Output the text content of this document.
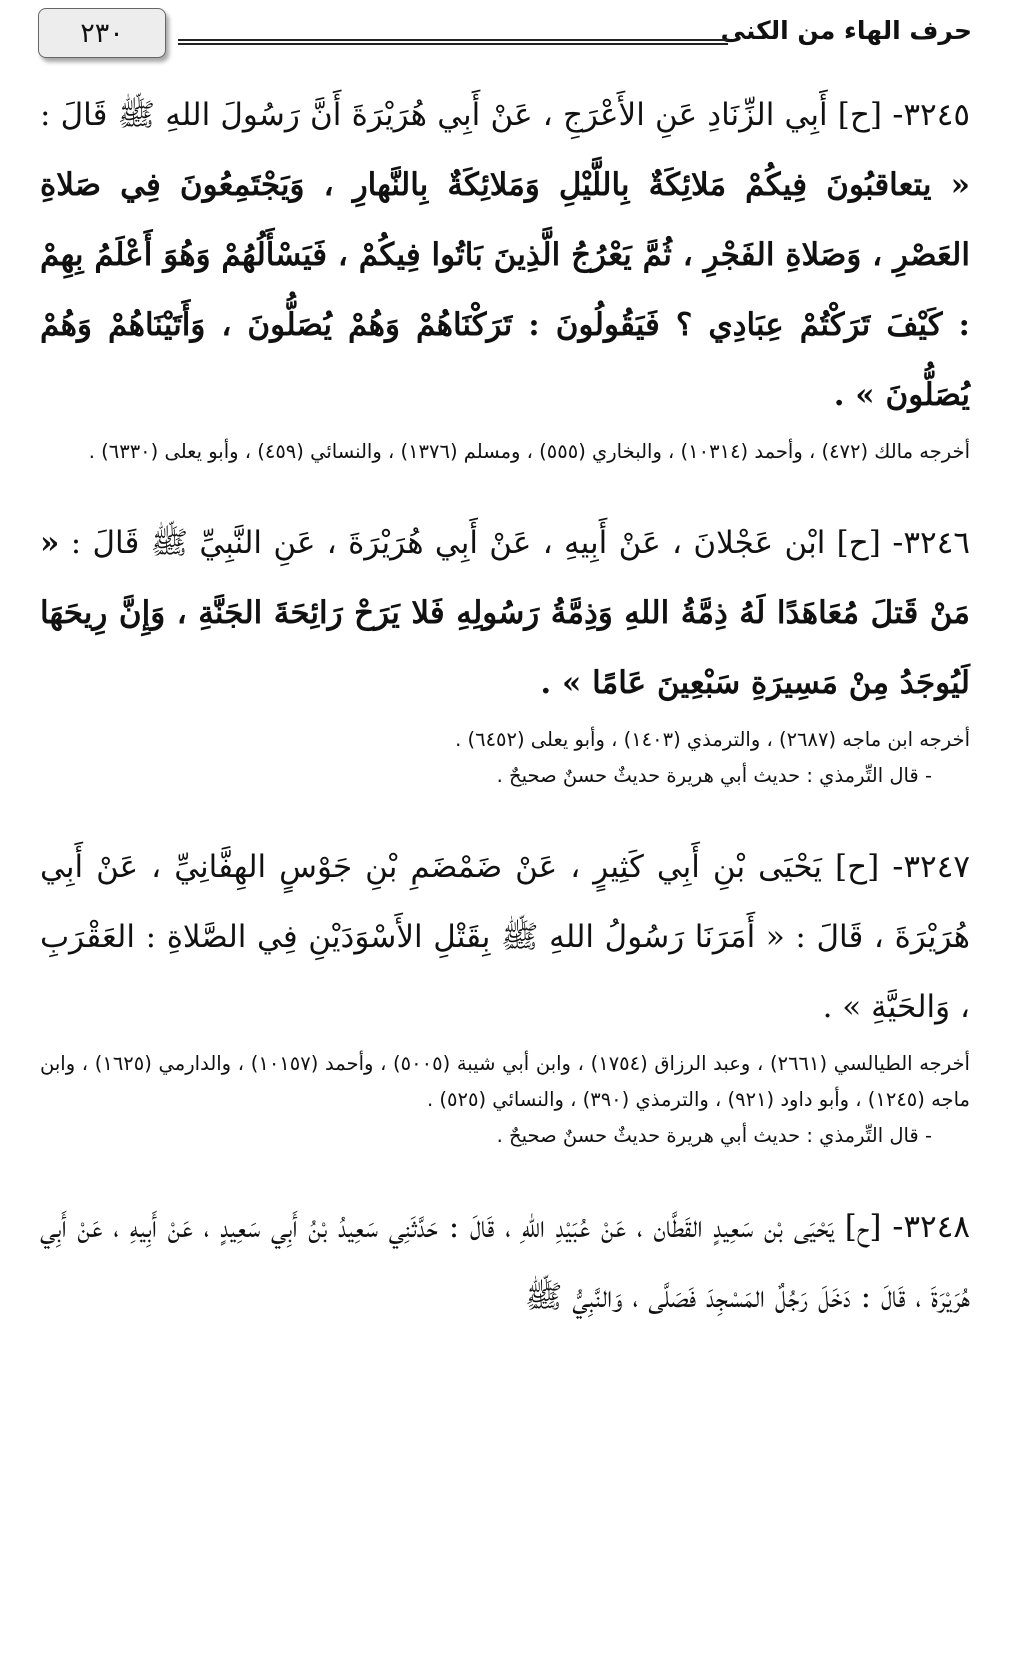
حرف الهاء من الكنى
٢٣٠
٣٢٤٥- [ح] أَبِي الزِّنَادِ عَنِ الأَعْرَجِ ، عَنْ أَبِي هُرَيْرَةَ أَنَّ رَسُولَ اللهِ ﷺ قَالَ : « يتعاقبُونَ فِيكُمْ مَلائِكَةٌ بِاللَّيْلِ وَمَلائِكَةٌ بِالنَّهارِ ، وَيَجْتَمِعُونَ فِي صَلاةِ العَصْرِ ، وَصَلاةِ الفَجْرِ ، ثُمَّ يَعْرُجُ الَّذِينَ بَاتُوا فِيكُمْ ، فَيَسْأَلُهُمْ وَهُوَ أَعْلَمُ بِهِمْ : كَيْفَ تَرَكْتُمْ عِبَادِي ؟ فَيَقُولُونَ : تَرَكْنَاهُمْ وَهُمْ يُصَلُّونَ ، وَأَتَيْنَاهُمْ وَهُمْ يُصَلُّونَ » .
أخرجه مالك (٤٧٢) ، وأحمد (١٠٣١٤) ، والبخاري (٥٥٥) ، ومسلم (١٣٧٦) ، والنسائي (٤٥٩) ، وأبو يعلى (٦٣٣٠) .
٣٢٤٦- [ح] ابْن عَجْلانَ ، عَنْ أَبِيهِ ، عَنْ أَبِي هُرَيْرَةَ ، عَنِ النَّبِيِّ ﷺ قَالَ : « مَنْ قَتلَ مُعَاهَدًا لَهُ ذِمَّةُ اللهِ وَذِمَّةُ رَسُولِهِ فَلا يَرَحْ رَائِحَةَ الجَنَّةِ ، وَإِنَّ رِيحَهَا لَيُوجَدُ مِنْ مَسِيرَةِ سَبْعِينَ عَامًا » .
أخرجه ابن ماجه (٢٦٨٧) ، والترمذي (١٤٠٣) ، وأبو يعلى (٦٤٥٢) .
- قال التِّرمذي : حديث أبي هريرة حديثٌ حسنٌ صحيحٌ .
٣٢٤٧- [ح] يَحْيَى بْنِ أَبِي كَثِيرٍ ، عَنْ ضَمْضَمِ بْنِ جَوْسٍ الهِفَّانِيِّ ، عَنْ أَبِي هُرَيْرَةَ ، قَالَ : « أَمَرَنَا رَسُولُ اللهِ ﷺ بِقَتْلِ الأَسْوَدَيْنِ فِي الصَّلاةِ : العَقْرَبِ ، وَالحَيَّةِ » .
أخرجه الطيالسي (٢٦٦١) ، وعبد الرزاق (١٧٥٤) ، وابن أبي شيبة (٥٠٠٥) ، وأحمد (١٠١٥٧) ، والدارمي (١٦٢٥) ، وابن ماجه (١٢٤٥) ، وأبو داود (٩٢١) ، والترمذي (٣٩٠) ، والنسائي (٥٢٥) .
- قال التِّرمذي : حديث أبي هريرة حديثٌ حسنٌ صحيحٌ .
٣٢٤٨- [ح] يَحْيَى بْن سَعِيدٍ القَطَّان ، عَنْ عُبَيْدِ اللهِ ، قَالَ : حَدَّثَنِي سَعِيدُ بْنُ أَبِي سَعِيدٍ ، عَنْ أَبِيهِ ، عَنْ أَبِي هُرَيْرَةَ ، قَالَ : دَخَلَ رَجُلٌ المَسْجِدَ فَصَلَّى ، وَالنَّبِيُّ ﷺ
